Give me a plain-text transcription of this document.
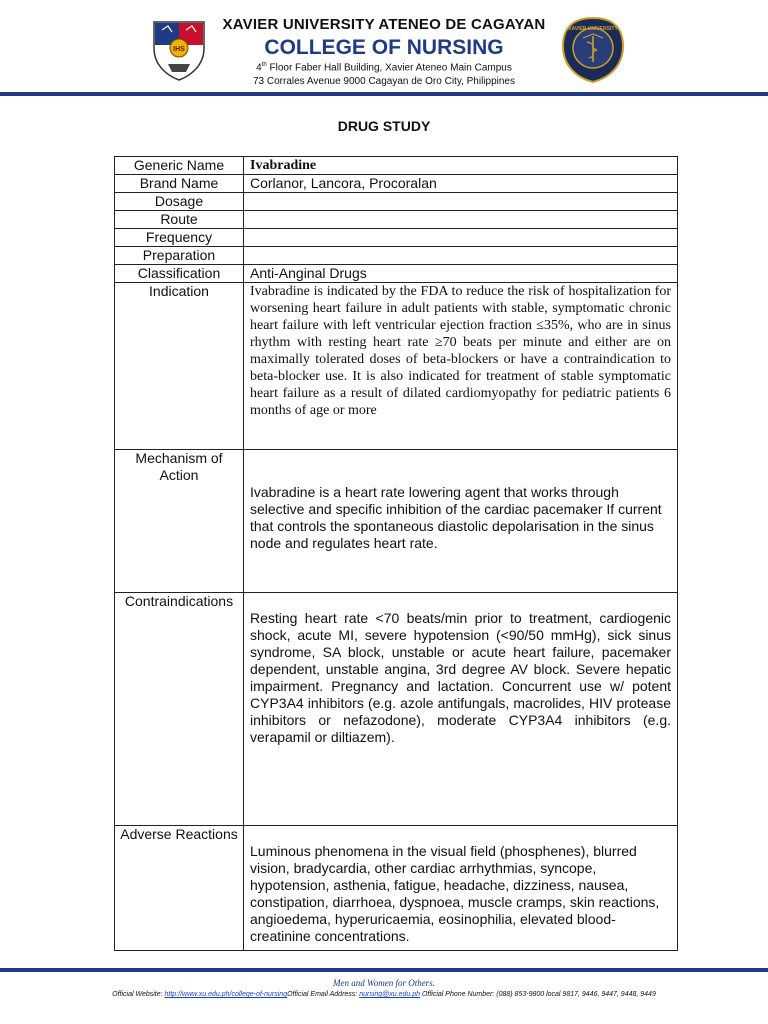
IHS
XAVIER UNIVERSITY ATENEO DE CAGAYAN
COLLEGE OF NURSING
4th Floor Faber Hall Building, Xavier Ateneo Main Campus
73 Corrales Avenue 9000 Cagayan de Oro City, Philippines
XAVIER UNIVERSITY
DRUG STUDY
Generic Name	Ivabradine
Brand Name	Corlanor, Lancora, Procoralan
Dosage	
Route	
Frequency	
Preparation	
Classification	Anti-Anginal Drugs
Indication	Ivabradine is indicated by the FDA to reduce the risk of hospitalization for worsening heart failure in adult patients with stable, symptomatic chronic heart failure with left ventricular ejection fraction ≤35%, who are in sinus rhythm with resting heart rate ≥70 beats per minute and either are on maximally tolerated doses of beta-blockers or have a contraindication to beta-blocker use. It is also indicated for treatment of stable symptomatic heart failure as a result of dilated cardiomyopathy for pediatric patients 6 months of age or more
Mechanism of Action	Ivabradine is a heart rate lowering agent that works through selective and specific inhibition of the cardiac pacemaker If current that controls the spontaneous diastolic depolarisation in the sinus node and regulates heart rate.

Contraindications	Resting heart rate <70 beats/min prior to treatment, cardiogenic shock, acute MI, severe hypotension (<90/50 mmHg), sick sinus syndrome, SA block, unstable or acute heart failure, pacemaker dependent, unstable angina, 3rd degree AV block. Severe hepatic impairment. Pregnancy and lactation. Concurrent use w/ potent CYP3A4 inhibitors (e.g. azole antifungals, macrolides, HIV protease inhibitors or nefazodone), moderate CYP3A4 inhibitors (e.g. verapamil or diltiazem).

Adverse Reactions	Luminous phenomena in the visual field (phosphenes), blurred vision, bradycardia, other cardiac arrhythmias, syncope, hypotension, asthenia, fatigue, headache, dizziness, nausea, constipation, diarrhoea, dyspnoea, muscle cramps, skin reactions, angioedema, hyperuricaemia, eosinophilia, elevated blood-creatinine concentrations.
Men and Women for Others.
Official Website: http://www.xu.edu.ph/college-of-nursingOfficial Email Address: nursing@xu.edu.ph Official Phone Number: (088) 853-9800 local 9817, 9446, 9447, 9448, 9449
